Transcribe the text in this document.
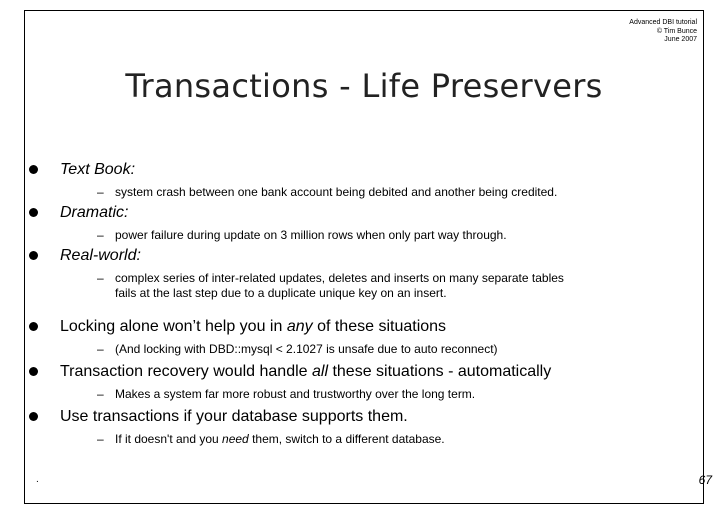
Advanced DBI tutorial
© Tim Bunce
June 2007
Transactions - Life Preservers
Text Book:
– system crash between one bank account being debited and another being credited.
Dramatic:
– power failure during update on 3 million rows when only part way through.
Real-world:
– complex series of inter-related updates, deletes and inserts on many separate tables
fails at the last step due to a duplicate unique key on an insert.
Locking alone won’t help you in any of these situations
– (And locking with DBD::mysql < 2.1027 is unsafe due to auto reconnect)
Transaction recovery would handle all these situations - automatically
– Makes a system far more robust and trustworthy over the long term.
Use transactions if your database supports them.
– If it doesn't and you need them, switch to a different database.
.	67
